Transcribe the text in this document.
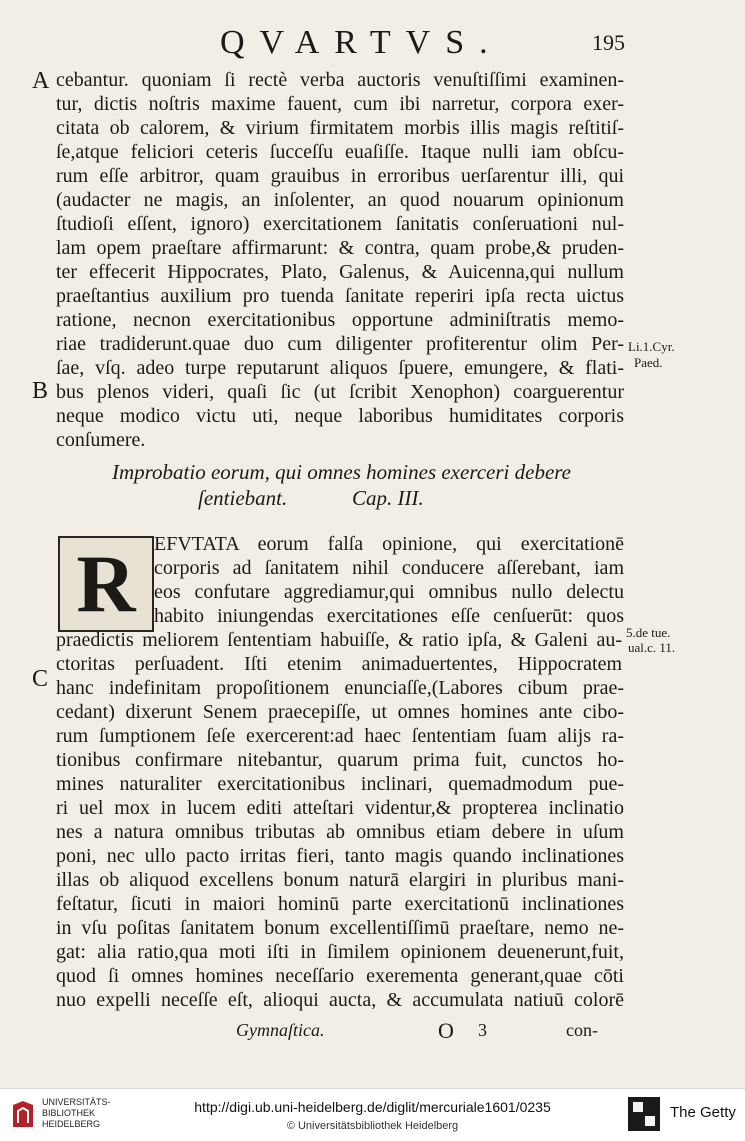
QVARTVS.	195
A
B
C
Li.1.Cyr.
Paed.
5.de tue.
ual.c. 11.
cebantur. quoniam ſi rectè verba auctoris venuſtiſſimi examinen-
tur, dictis noſtris maxime fauent, cum ibi narretur, corpora exer-
citata ob calorem, & virium firmitatem morbis illis magis reſtitiſ-
ſe,atque feliciori ceteris ſucceſſu euaſiſſe. Itaque nulli iam obſcu-
rum eſſe arbitror, quam grauibus in erroribus uerſarentur illi, qui
(audacter ne magis, an inſolenter, an quod nouarum opinionum
ſtudioſi eſſent, ignoro) exercitationem ſanitatis conſeruationi nul-
lam opem praeſtare affirmarunt: & contra, quam probe,& pruden-
ter effecerit Hippocrates, Plato, Galenus, & Auicenna,qui nullum
praeſtantius auxilium pro tuenda ſanitate reperiri ipſa recta uictus
ratione, necnon exercitationibus opportune adminiſtratis memo-
riae tradiderunt.quae duo cum diligenter profiterentur olim Per-
ſae, vſq. adeo turpe reputarunt aliquos ſpuere, emungere, & flati-
bus plenos videri, quaſi ſic (ut ſcribit Xenophon) coarguerentur
neque modico victu uti, neque laboribus humiditates corporis
conſumere.
Improbatio eorum, qui omnes homines exerceri debere
ſentiebant.	Cap. III.
R EFVTATA eorum falſa opinione, qui exercitationē
corporis ad ſanitatem nihil conducere aſſerebant, iam
eos confutare aggrediamur,qui omnibus nullo delectu
habito iniungendas exercitationes eſſe cenſuerūt: quos
praedictis meliorem ſententiam habuiſſe, & ratio ipſa, & Galeni au-
ctoritas perſuadent. Iſti etenim animaduertentes, Hippocratem
hanc indefinitam propoſitionem enunciaſſe,(Labores cibum prae-
cedant) dixerunt Senem praecepiſſe, ut omnes homines ante cibo-
rum ſumptionem ſeſe exercerent:ad haec ſententiam ſuam alijs ra-
tionibus confirmare nitebantur, quarum prima fuit, cunctos ho-
mines naturaliter exercitationibus inclinari, quemadmodum pue-
ri uel mox in lucem editi atteſtari videntur,& propterea inclinatio
nes a natura omnibus tributas ab omnibus etiam debere in uſum
poni, nec ullo pacto irritas fieri, tanto magis quando inclinationes
illas ob aliquod excellens bonum naturā elargiri in pluribus mani-
feſtatur, ſicuti in maiori hominū parte exercitationū inclinationes
in vſu poſitas ſanitatem bonum excellentiſſimū praeſtare, nemo ne-
gat: alia ratio,qua moti iſti in ſimilem opinionem deuenerunt,fuit,
quod ſi omnes homines neceſſario exerementa generant,quae cōti
nuo expelli neceſſe eſt, alioqui aucta, & accumulata natiuū colorē
Gymnaſtica.	O 3	con-
UNIVERSITÄTS-
BIBLIOTHEK
HEIDELBERG
http://digi.ub.uni-heidelberg.de/diglit/mercuriale1601/0235
© Universitätsbibliothek Heidelberg
The Getty
